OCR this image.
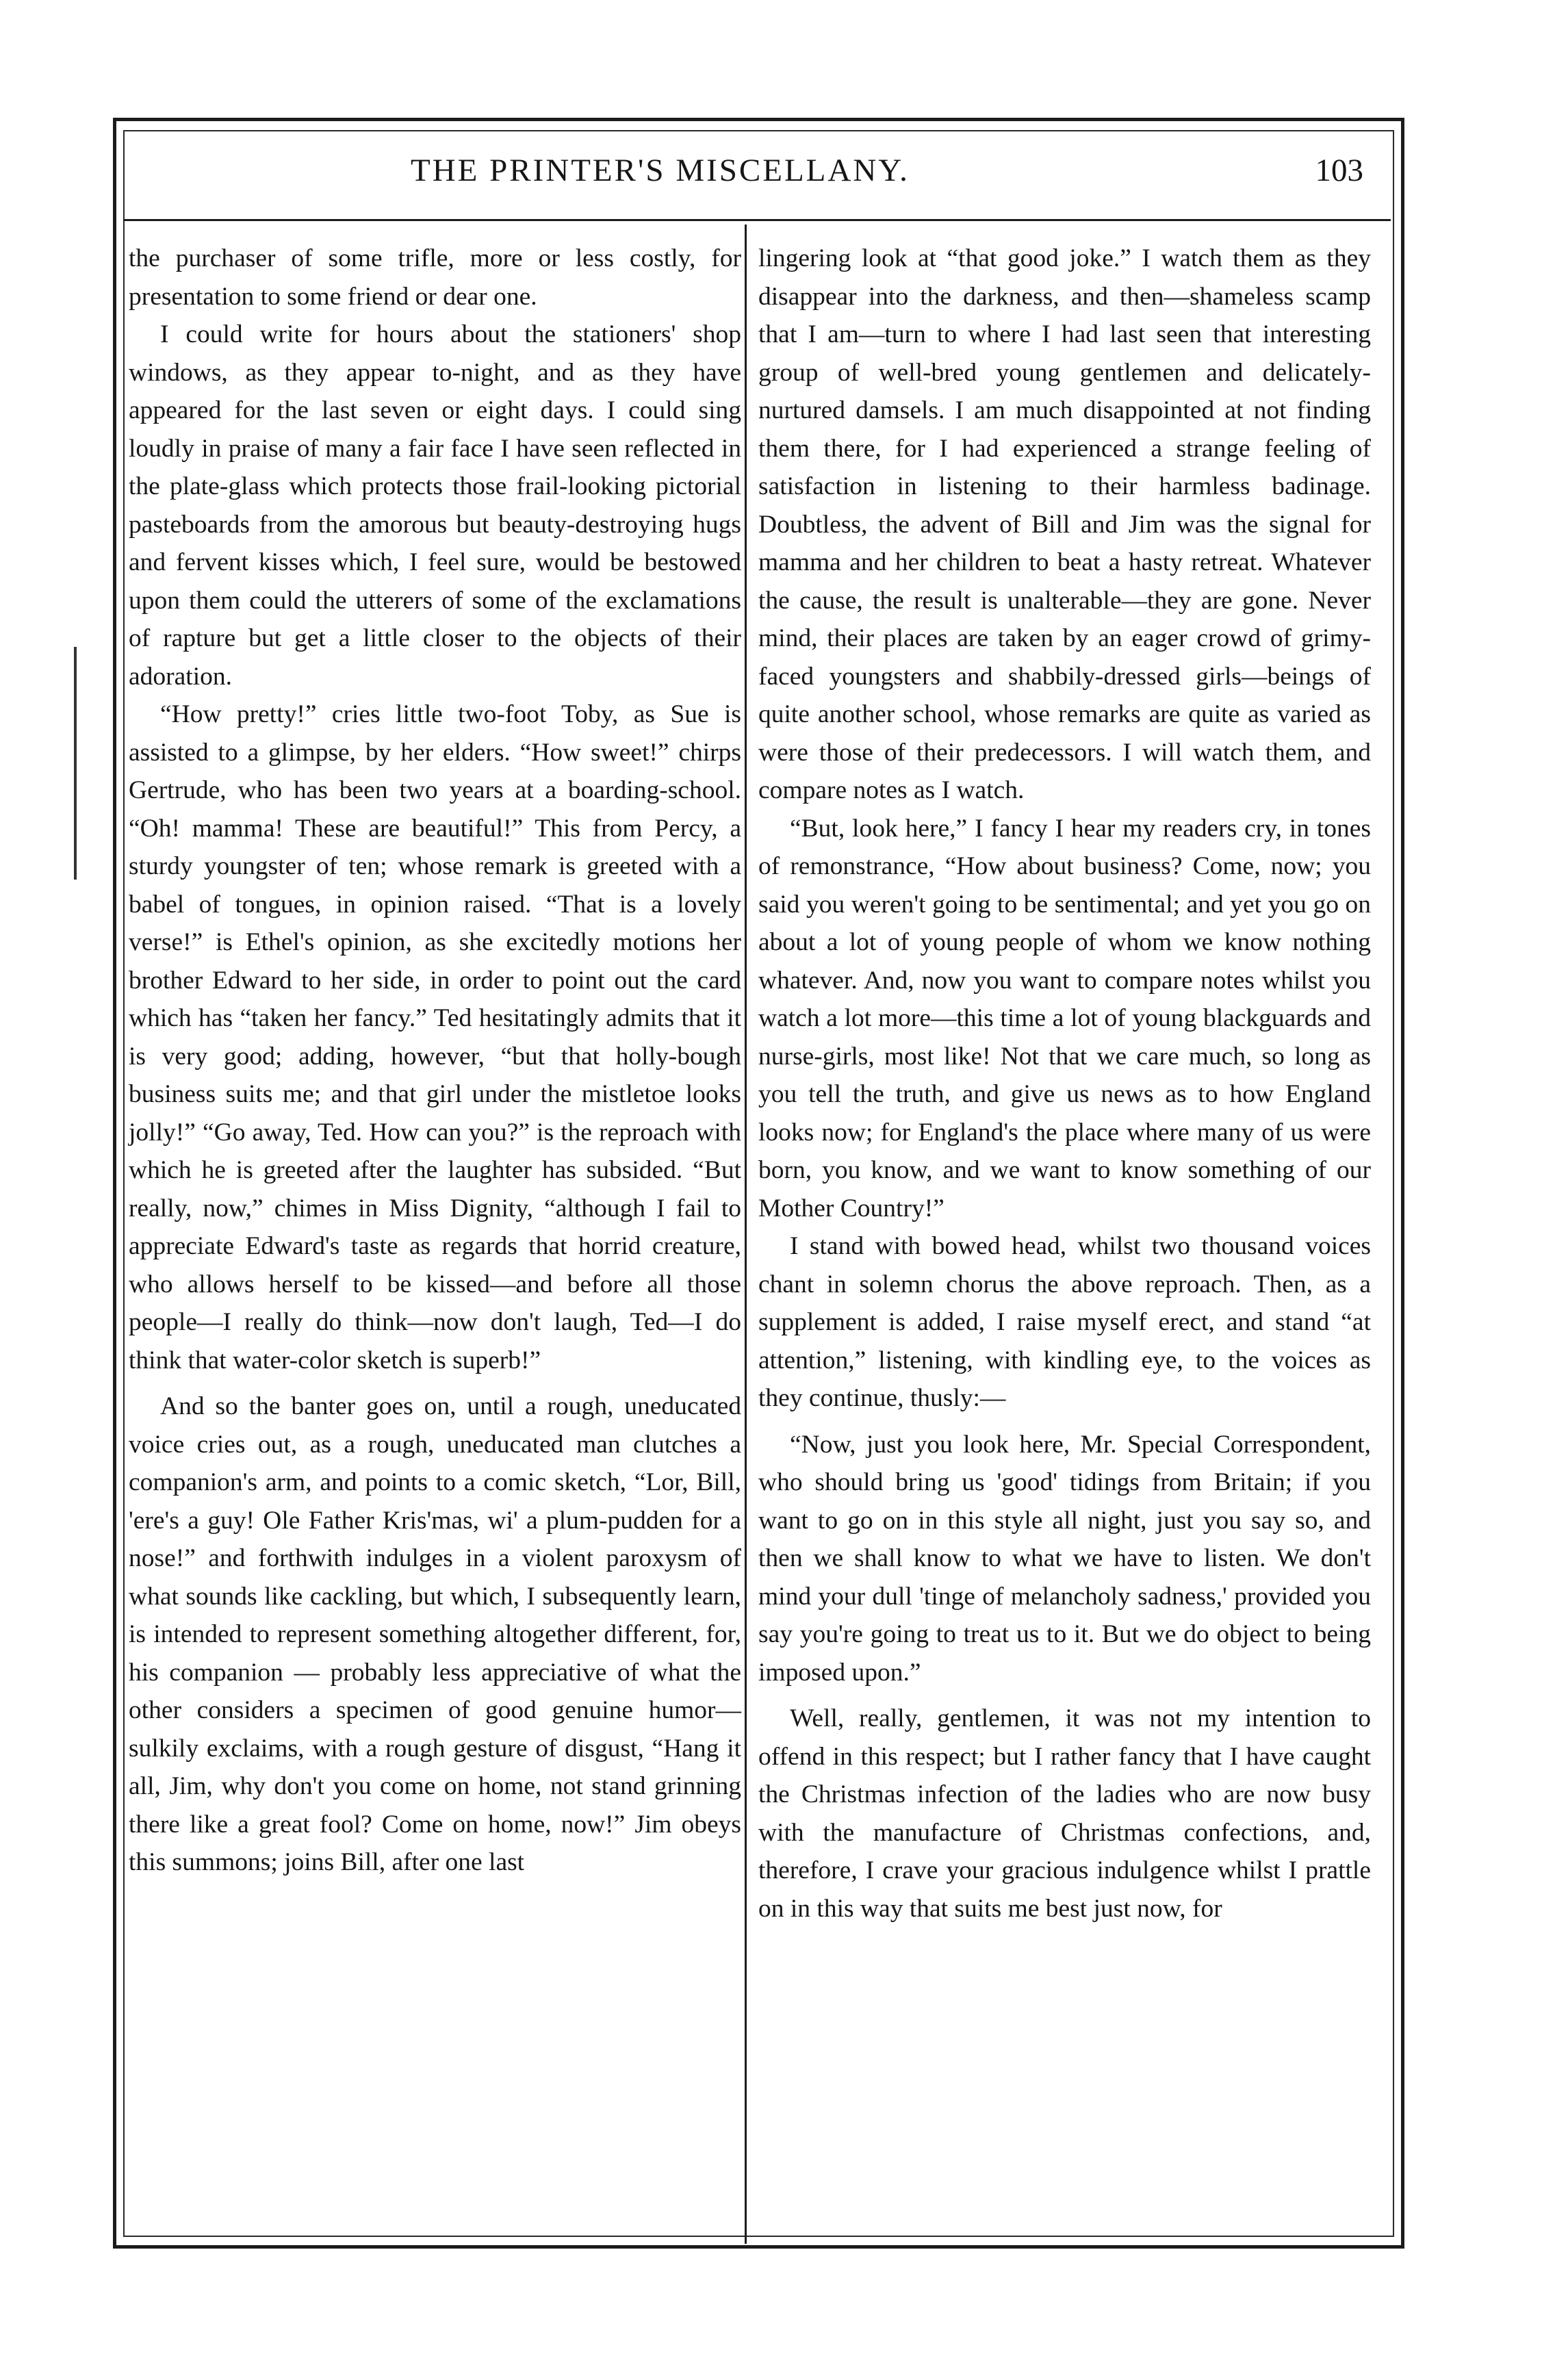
THE PRINTER'S MISCELLANY.	103

the purchaser of some trifle, more or less costly, for presentation to some friend or dear one.

I could write for hours about the stationers' shop windows, as they appear to-night, and as they have appeared for the last seven or eight days. I could sing loudly in praise of many a fair face I have seen reflected in the plate-glass which protects those frail-looking pictorial pasteboards from the amorous but beauty-destroying hugs and fervent kisses which, I feel sure, would be bestowed upon them could the utterers of some of the exclamations of rapture but get a little closer to the objects of their adoration.

“How pretty!” cries little two-foot Toby, as Sue is assisted to a glimpse, by her elders. “How sweet!” chirps Gertrude, who has been two years at a boarding-school. “Oh! mamma! These are beautiful!” This from Percy, a sturdy youngster of ten; whose remark is greeted with a babel of tongues, in opinion raised. “That is a lovely verse!” is Ethel's opinion, as she excitedly motions her brother Edward to her side, in order to point out the card which has “taken her fancy.” Ted hesitatingly admits that it is very good; adding, however, “but that holly-bough business suits me; and that girl under the mistletoe looks jolly!” “Go away, Ted. How can you?” is the reproach with which he is greeted after the laughter has subsided. “But really, now,” chimes in Miss Dignity, “although I fail to appreciate Edward's taste as regards that horrid creature, who allows herself to be kissed—and before all those people—I really do think—now don't laugh, Ted—I do think that water-color sketch is superb!”

And so the banter goes on, until a rough, uneducated voice cries out, as a rough, uneducated man clutches a companion's arm, and points to a comic sketch, “Lor, Bill, 'ere's a guy! Ole Father Kris'mas, wi' a plum-pudden for a nose!” and forthwith indulges in a violent paroxysm of what sounds like cackling, but which, I subsequently learn, is intended to represent something altogether different, for, his companion — probably less appreciative of what the other considers a specimen of good genuine humor—sulkily exclaims, with a rough gesture of disgust, “Hang it all, Jim, why don't you come on home, not stand grinning there like a great fool? Come on home, now!” Jim obeys this summons; joins Bill, after one last

lingering look at “that good joke.” I watch them as they disappear into the darkness, and then—shameless scamp that I am—turn to where I had last seen that interesting group of well-bred young gentlemen and delicately-nurtured damsels. I am much disappointed at not finding them there, for I had experienced a strange feeling of satisfaction in listening to their harmless badinage. Doubtless, the advent of Bill and Jim was the signal for mamma and her children to beat a hasty retreat. Whatever the cause, the result is unalterable—they are gone. Never mind, their places are taken by an eager crowd of grimy-faced youngsters and shabbily-dressed girls—beings of quite another school, whose remarks are quite as varied as were those of their predecessors. I will watch them, and compare notes as I watch.

“But, look here,” I fancy I hear my readers cry, in tones of remonstrance, “How about business? Come, now; you said you weren't going to be sentimental; and yet you go on about a lot of young people of whom we know nothing whatever. And, now you want to compare notes whilst you watch a lot more—this time a lot of young blackguards and nurse-girls, most like! Not that we care much, so long as you tell the truth, and give us news as to how England looks now; for England's the place where many of us were born, you know, and we want to know something of our Mother Country!”

I stand with bowed head, whilst two thousand voices chant in solemn chorus the above reproach. Then, as a supplement is added, I raise myself erect, and stand “at attention,” listening, with kindling eye, to the voices as they continue, thusly:—

“Now, just you look here, Mr. Special Correspondent, who should bring us 'good' tidings from Britain; if you want to go on in this style all night, just you say so, and then we shall know to what we have to listen. We don't mind your dull 'tinge of melancholy sadness,' provided you say you're going to treat us to it. But we do object to being imposed upon.”

Well, really, gentlemen, it was not my intention to offend in this respect; but I rather fancy that I have caught the Christmas infection of the ladies who are now busy with the manufacture of Christmas confections, and, therefore, I crave your gracious indulgence whilst I prattle on in this way that suits me best just now, for
